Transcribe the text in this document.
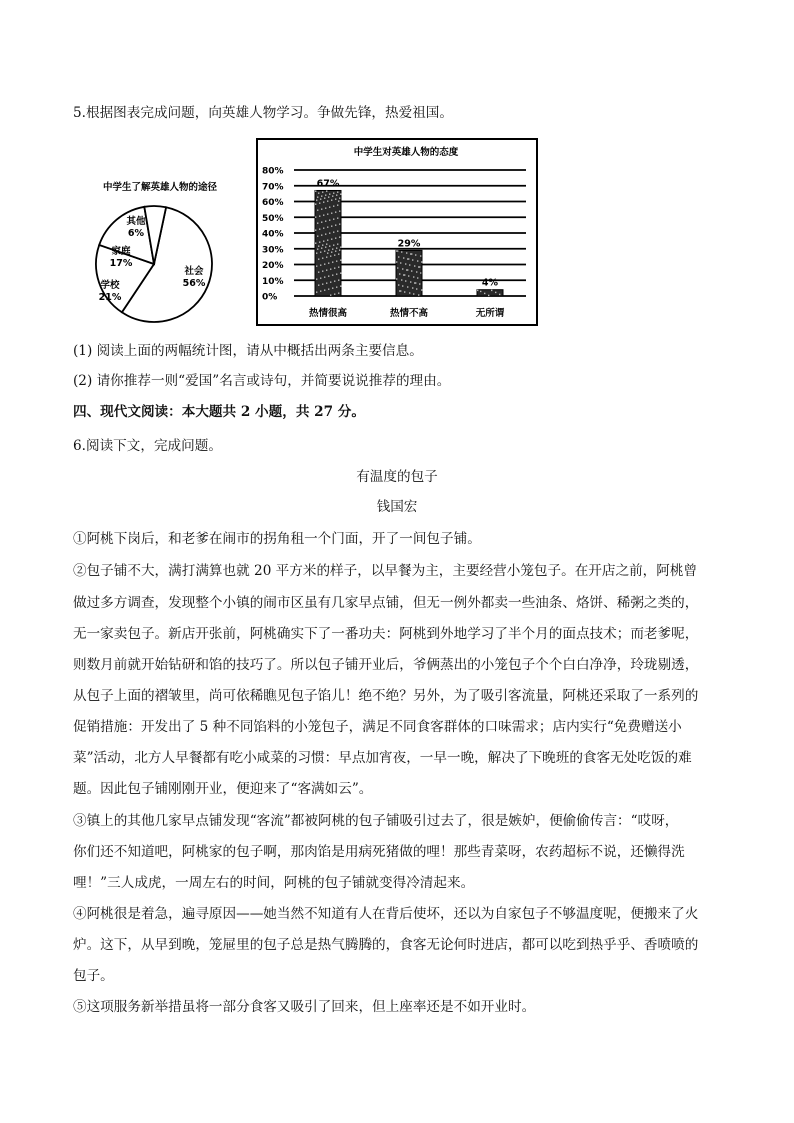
5.根据图表完成问题，向英雄人物学习。争做先锋，热爱祖国。
中学生了解英雄人物的途径
社会
56%
学校
21%
家庭
17%
其他
6%
中学生对英雄人物的态度
0%
10%
20%
30%
40%
50%
60%
70%
80%
67%
热情很高
29%
热情不高
4%
无所谓
(1) 阅读上面的两幅统计图，请从中概括出两条主要信息。
(2) 请你推荐一则“爱国”名言或诗句，并简要说说推荐的理由。
四、现代文阅读：本大题共 2 小题，共 27 分。
6.阅读下文，完成问题。
有温度的包子
钱国宏
①阿桃下岗后，和老爹在闹市的拐角租一个门面，开了一间包子铺。
②包子铺不大，满打满算也就 20 平方米的样子，以早餐为主，主要经营小笼包子。在开店之前，阿桃曾
做过多方调查，发现整个小镇的闹市区虽有几家早点铺，但无一例外都卖一些油条、烙饼、稀粥之类的，
无一家卖包子。新店开张前，阿桃确实下了一番功夫：阿桃到外地学习了半个月的面点技术；而老爹呢，
则数月前就开始钻研和馅的技巧了。所以包子铺开业后，爷俩蒸出的小笼包子个个白白净净，玲珑剔透，
从包子上面的褶皱里，尚可依稀瞧见包子馅儿！绝不绝？另外，为了吸引客流量，阿桃还采取了一系列的
促销措施：开发出了 5 种不同馅料的小笼包子，满足不同食客群体的口味需求；店内实行“免费赠送小
菜”活动，北方人早餐都有吃小咸菜的习惯：早点加宵夜，一早一晚，解决了下晚班的食客无处吃饭的难
题。因此包子铺刚刚开业，便迎来了“客满如云”。
③镇上的其他几家早点铺发现“客流”都被阿桃的包子铺吸引过去了，很是嫉妒，便偷偷传言：“哎呀，
你们还不知道吧，阿桃家的包子啊，那肉馅是用病死猪做的哩！那些青菜呀，农药超标不说，还懒得洗
哩！”三人成虎，一周左右的时间，阿桃的包子铺就变得冷清起来。
④阿桃很是着急，遍寻原因——她当然不知道有人在背后使坏，还以为自家包子不够温度呢，便搬来了火
炉。这下，从早到晚，笼屉里的包子总是热气腾腾的，食客无论何时进店，都可以吃到热乎乎、香喷喷的
包子。
⑤这项服务新举措虽将一部分食客又吸引了回来，但上座率还是不如开业时。
